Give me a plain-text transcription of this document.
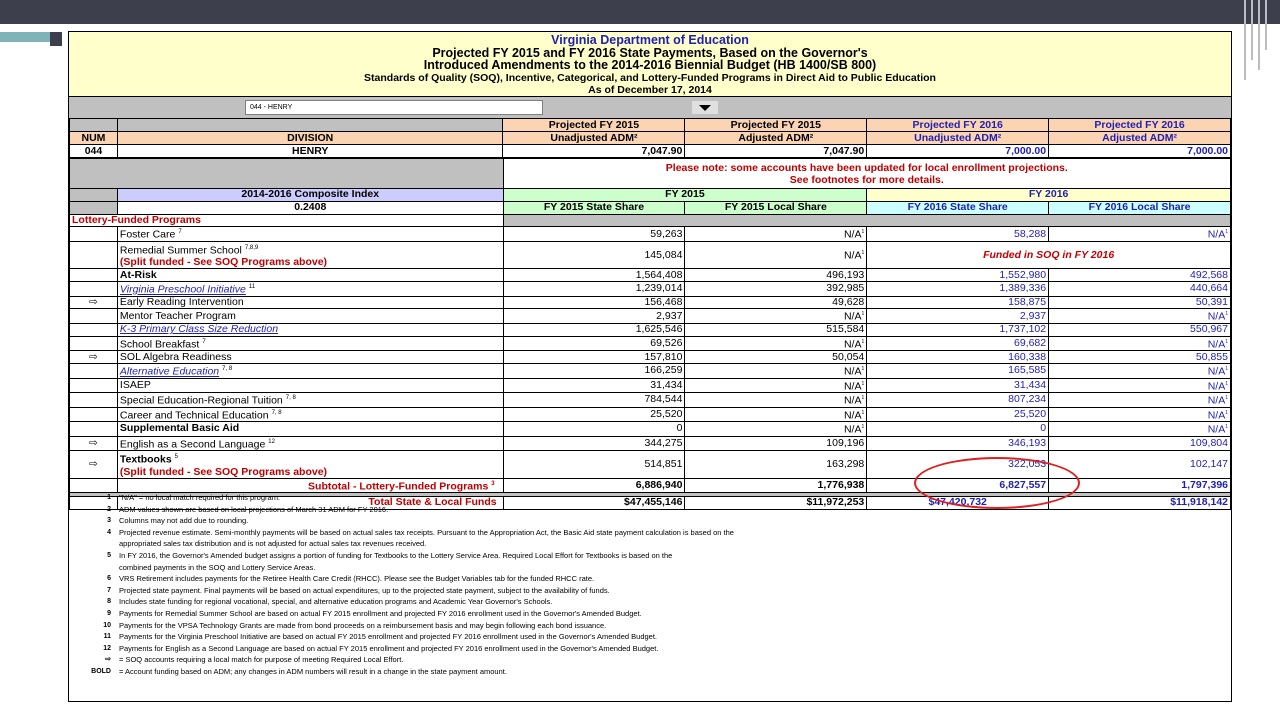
Virginia Department of Education
Projected FY 2015 and FY 2016 State Payments, Based on the Governor's
Introduced Amendments to the 2014-2016 Biennial Budget (HB 1400/SB 800)
Standards of Quality (SOQ), Incentive, Categorical, and Lottery-Funded Programs in Direct Aid to Public Education
As of December 17, 2014
044 - HENRY
		Projected FY 2015	Projected FY 2015	Projected FY 2016	Projected FY 2016
NUM	DIVISION	Unadjusted ADM²	Adjusted ADM²	Unadjusted ADM²	Adjusted ADM²
044	HENRY	7,047.90	7,047.90	7,000.00	7,000.00

		Please note: some accounts have been updated for local enrollment projections.
See footnotes for more details.			

	2014-2016 Composite Index	FY 2015		FY 2016	
	0.2408	FY 2015 State Share	FY 2015 Local Share	FY 2016 State Share	FY 2016 Local Share
Lottery-Funded Programs					
	Foster Care $^7$	59,263	$N/A^1$	58,288	$N/A^1$
	Remedial Summer School $^{7,8,9}$
(Split funded - See SOQ Programs above)	145,084	$N/A^1$	Funded in SOQ in FY 2016	
	At-Risk	1,564,408	496,193	1,552,980	492,568
	Virginia Preschool Initiative $^{11}$	1,239,014	392,985	1,389,336	440,664
⇨	Early Reading Intervention	156,468	49,628	158,875	50,391
	Mentor Teacher Program	2,937	$N/A^1$	2,937	$N/A^1$
	K-3 Primary Class Size Reduction	1,625,546	515,584	1,737,102	550,967
	School Breakfast $^7$	69,526	$N/A^1$	69,682	$N/A^1$
⇨	SOL Algebra Readiness	157,810	50,054	160,338	50,855
	Alternative Education $^{7, 8}$	166,259	$N/A^1$	165,585	$N/A^1$
	ISAEP	31,434	$N/A^1$	31,434	$N/A^1$
	Special Education-Regional Tuition $^{7, 8}$	784,544	$N/A^1$	807,234	$N/A^1$
	Career and Technical Education $^{7, 8}$	25,520	$N/A^1$	25,520	$N/A^1$
	Supplemental Basic Aid	0	$N/A^1$	0	$N/A^1$
⇨	English as a Second Language $^{12}$	344,275	109,196	346,193	109,804
⇨	Textbooks $^5$
(Split funded - See SOQ Programs above)	514,851	163,298	322,053	102,147
	Subtotal - Lottery-Funded Programs $^3$	6,886,940	1,776,938	6,827,557	1,797,396

	Total State & Local Funds	$47,455,146	$11,972,253	$47,420,732	$11,918,142
1 "N/A" = no local match required for this program.
2 ADM values shown are based on local projections of March 31 ADM for FY 2016.
3 Columns may not add due to rounding.
4 Projected revenue estimate. Semi-monthly payments will be based on actual sales tax receipts. Pursuant to the Appropriation Act, the Basic Aid state payment calculation is based on the
appropriated sales tax distribution and is not adjusted for actual sales tax revenues received.
5 In FY 2016, the Governor's Amended budget assigns a portion of funding for Textbooks to the Lottery Service Area. Required Local Effort for Textbooks is based on the
combined payments in the SOQ and Lottery Service Areas.
6 VRS Retirement includes payments for the Retiree Health Care Credit (RHCC). Please see the Budget Variables tab for the funded RHCC rate.
7 Projected state payment. Final payments will be based on actual expenditures, up to the projected state payment, subject to the availability of funds.
8 Includes state funding for regional vocational, special, and alternative education programs and Academic Year Governor's Schools.
9 Payments for Remedial Summer School are based on actual FY 2015 enrollment and projected FY 2016 enrollment used in the Governor's Amended Budget.
10 Payments for the VPSA Technology Grants are made from bond proceeds on a reimbursement basis and may begin following each bond issuance.
11 Payments for the Virginia Preschool Initiative are based on actual FY 2015 enrollment and projected FY 2016 enrollment used in the Governor's Amended Budget.
12 Payments for English as a Second Language are based on actual FY 2015 enrollment and projected FY 2016 enrollment used in the Governor's Amended Budget.
⇨ = SOQ accounts requiring a local match for purpose of meeting Required Local Effort.
BOLD = Account funding based on ADM; any changes in ADM numbers will result in a change in the state payment amount.
